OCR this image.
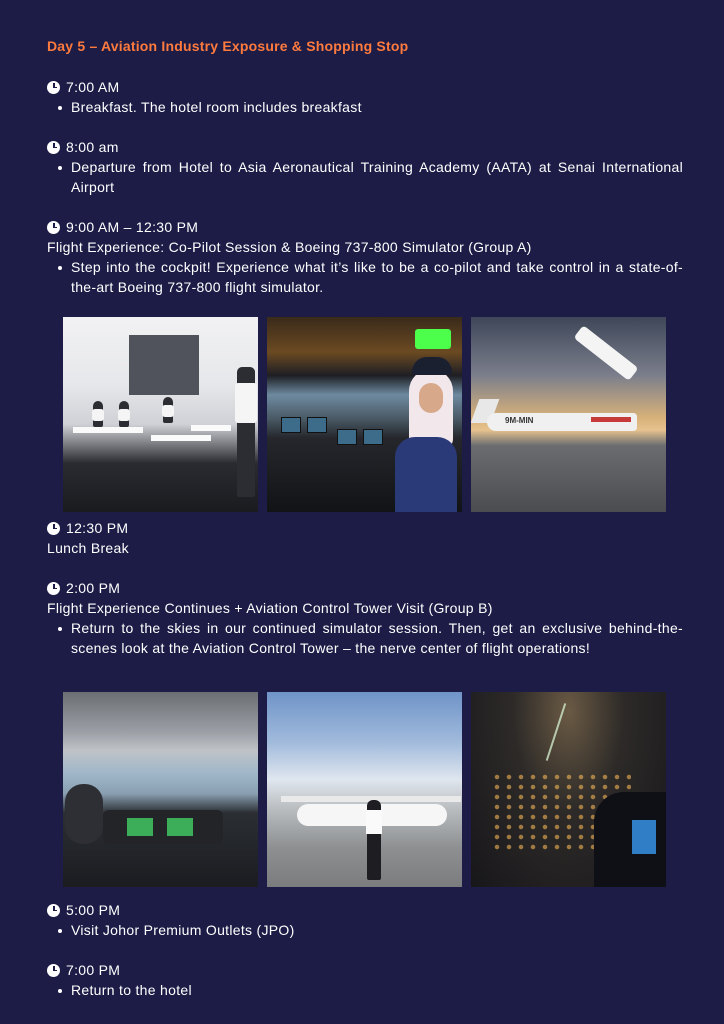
Day 5 – Aviation Industry Exposure & Shopping Stop
7:00 AM
Breakfast. The hotel room includes breakfast
8:00 am
Departure from Hotel to Asia Aeronautical Training Academy (AATA) at Senai International Airport
9:00 AM – 12:30 PM
Flight Experience: Co-Pilot Session & Boeing 737-800 Simulator (Group A)
Step into the cockpit! Experience what it’s like to be a co-pilot and take control in a state-of-the-art Boeing 737-800 flight simulator.
9M-MIN
12:30 PM
Lunch Break
2:00 PM
Flight Experience Continues + Aviation Control Tower Visit (Group B)
Return to the skies in our continued simulator session. Then, get an exclusive behind-the-scenes look at the Aviation Control Tower – the nerve center of flight operations!
5:00 PM
Visit Johor Premium Outlets (JPO)
7:00 PM
Return to the hotel
